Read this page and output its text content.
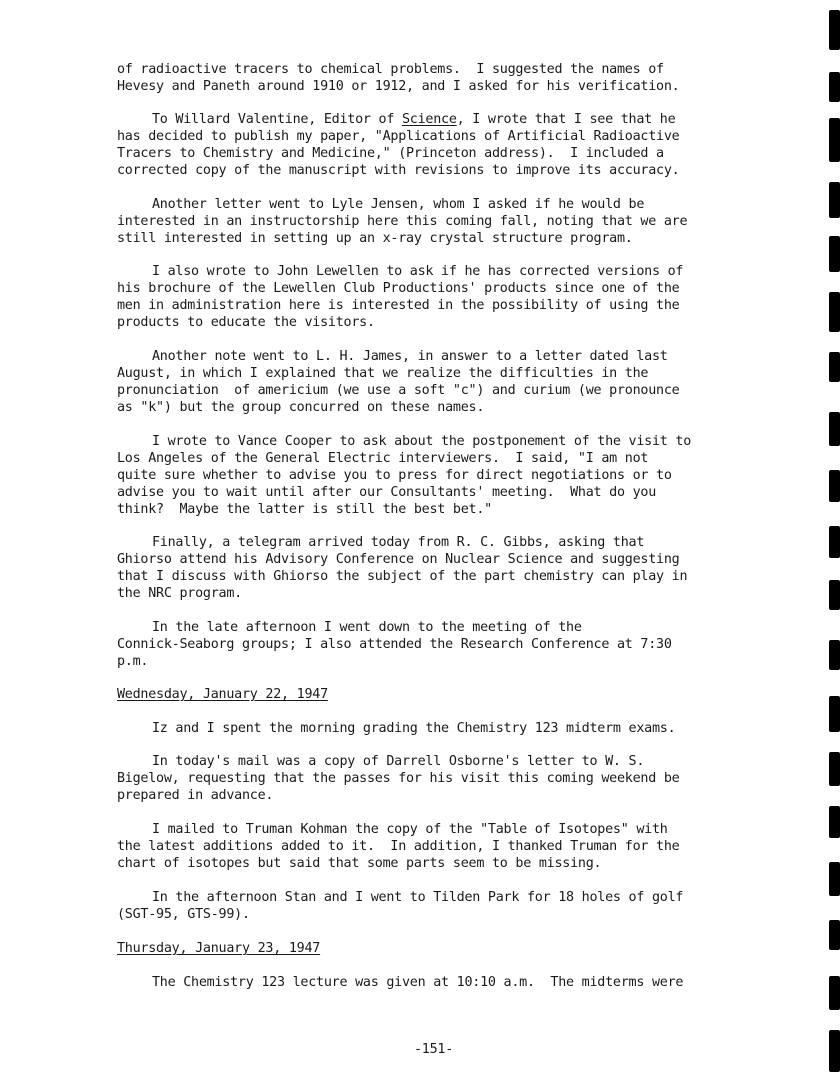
of radioactive tracers to chemical problems.  I suggested the names of
Hevesy and Paneth around 1910 or 1912, and I asked for his verification.
To Willard Valentine, Editor of Science, I wrote that I see that he
has decided to publish my paper, "Applications of Artificial Radioactive
Tracers to Chemistry and Medicine," (Princeton address).  I included a
corrected copy of the manuscript with revisions to improve its accuracy.
Another letter went to Lyle Jensen, whom I asked if he would be
interested in an instructorship here this coming fall, noting that we are
still interested in setting up an x-ray crystal structure program.
I also wrote to John Lewellen to ask if he has corrected versions of
his brochure of the Lewellen Club Productions' products since one of the
men in administration here is interested in the possibility of using the
products to educate the visitors.
Another note went to L. H. James, in answer to a letter dated last
August, in which I explained that we realize the difficulties in the
pronunciation  of americium (we use a soft "c") and curium (we pronounce
as "k") but the group concurred on these names.
I wrote to Vance Cooper to ask about the postponement of the visit to
Los Angeles of the General Electric interviewers.  I said, "I am not
quite sure whether to advise you to press for direct negotiations or to
advise you to wait until after our Consultants' meeting.  What do you
think?  Maybe the latter is still the best bet."
Finally, a telegram arrived today from R. C. Gibbs, asking that
Ghiorso attend his Advisory Conference on Nuclear Science and suggesting
that I discuss with Ghiorso the subject of the part chemistry can play in
the NRC program.
In the late afternoon I went down to the meeting of the
Connick-Seaborg groups; I also attended the Research Conference at 7:30
p.m.
Wednesday, January 22, 1947
Iz and I spent the morning grading the Chemistry 123 midterm exams.
In today's mail was a copy of Darrell Osborne's letter to W. S.
Bigelow, requesting that the passes for his visit this coming weekend be
prepared in advance.
I mailed to Truman Kohman the copy of the "Table of Isotopes" with
the latest additions added to it.  In addition, I thanked Truman for the
chart of isotopes but said that some parts seem to be missing.
In the afternoon Stan and I went to Tilden Park for 18 holes of golf
(SGT-95, GTS-99).
Thursday, January 23, 1947
The Chemistry 123 lecture was given at 10:10 a.m.  The midterms were
-151-
